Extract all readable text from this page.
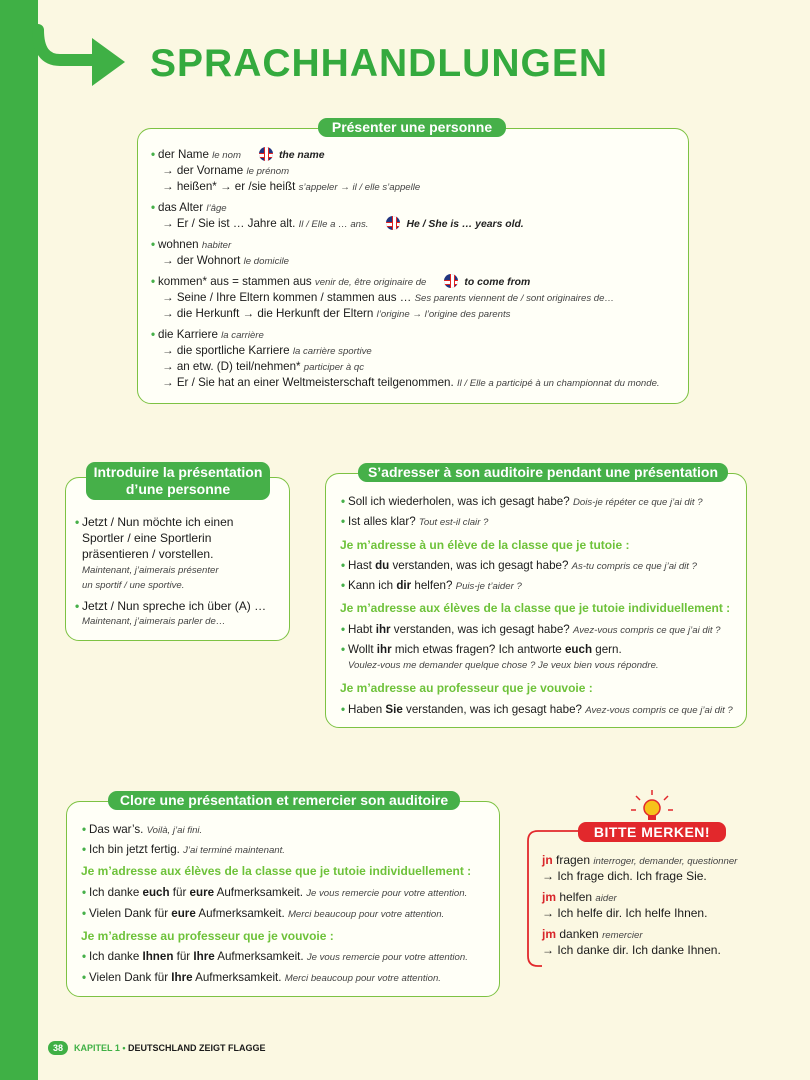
SPRACHHANDLUNGEN
• der Name le nom	the name
→ der Vorname le prénom
→ heißen* → er /sie heißt s’appeler → il / elle s’appelle
• das Alter l’âge
→ Er / Sie ist … Jahre alt. Il / Elle a … ans.	He / She is … years old.
• wohnen habiter
→ der Wohnort le domicile
• kommen* aus = stammen aus venir de, être originaire de	to come from
→ Seine / Ihre Eltern kommen / stammen aus … Ses parents viennent de / sont originaires de…
→ die Herkunft → die Herkunft der Eltern l’origine → l’origine des parents
• die Karriere la carrière
→ die sportliche Karriere la carrière sportive
→ an etw. (D) teil/nehmen* participer à qc
→ Er / Sie hat an einer Weltmeisterschaft teilgenommen. Il / Elle a participé à un championnat du monde.
Présenter une personne
• Jetzt / Nun möchte ich einen
Sportler / eine Sportlerin
präsentieren / vorstellen.
Maintenant, j’aimerais présenter
un sportif / une sportive.
• Jetzt / Nun spreche ich über (A) …
Maintenant, j’aimerais parler de…
Introduire la présentation d’une personne
• Soll ich wiederholen, was ich gesagt habe? Dois-je répéter ce que j’ai dit ?
• Ist alles klar? Tout est-il clair ?
Je m’adresse à un élève de la classe que je tutoie :
• Hast du verstanden, was ich gesagt habe? As-tu compris ce que j’ai dit ?
• Kann ich dir helfen? Puis-je t’aider ?
Je m’adresse aux élèves de la classe que je tutoie individuellement :
• Habt ihr verstanden, was ich gesagt habe? Avez-vous compris ce que j’ai dit ?
• Wollt ihr mich etwas fragen? Ich antworte euch gern.
Voulez-vous me demander quelque chose ? Je veux bien vous répondre.
Je m’adresse au professeur que je vouvoie :
• Haben Sie verstanden, was ich gesagt habe? Avez-vous compris ce que j’ai dit ?
S’adresser à son auditoire pendant une présentation
• Das war’s. Voilà, j’ai fini.
• Ich bin jetzt fertig. J’ai terminé maintenant.
Je m’adresse aux élèves de la classe que je tutoie individuellement :
• Ich danke euch für eure Aufmerksamkeit. Je vous remercie pour votre attention.
• Vielen Dank für eure Aufmerksamkeit. Merci beaucoup pour votre attention.
Je m’adresse au professeur que je vouvoie :
• Ich danke Ihnen für Ihre Aufmerksamkeit. Je vous remercie pour votre attention.
• Vielen Dank für Ihre Aufmerksamkeit. Merci beaucoup pour votre attention.
Clore une présentation et remercier son auditoire
BITTE MERKEN!
jn fragen interroger, demander, questionner
→ Ich frage dich. Ich frage Sie.
jm helfen aider
→ Ich helfe dir. Ich helfe Ihnen.
jm danken remercier
→ Ich danke dir. Ich danke Ihnen.
38 KAPITEL 1 • DEUTSCHLAND ZEIGT FLAGGE
